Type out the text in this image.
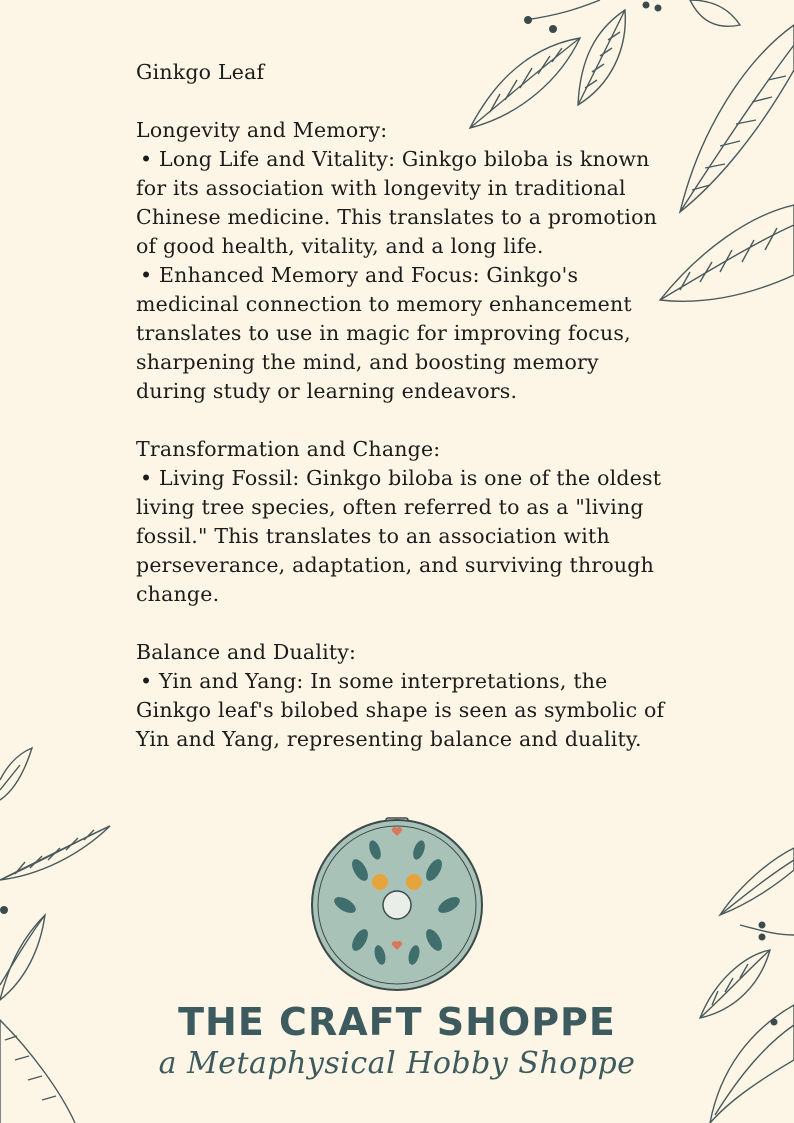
Ginkgo Leaf

Longevity and Memory:

• Long Life and Vitality: Ginkgo biloba is known for its association with longevity in traditional Chinese medicine. This translates to a promotion of good health, vitality, and a long life.

• Enhanced Memory and Focus: Ginkgo's medicinal connection to memory enhancement translates to use in magic for improving focus, sharpening the mind, and boosting memory during study or learning endeavors.

Transformation and Change:

• Living Fossil: Ginkgo biloba is one of the oldest living tree species, often referred to as a "living fossil." This translates to an association with perseverance, adaptation, and surviving through change.

Balance and Duality:

• Yin and Yang: In some interpretations, the Ginkgo leaf's bilobed shape is seen as symbolic of Yin and Yang, representing balance and duality.

THE CRAFT SHOPPE
a Metaphysical Hobby Shoppe
